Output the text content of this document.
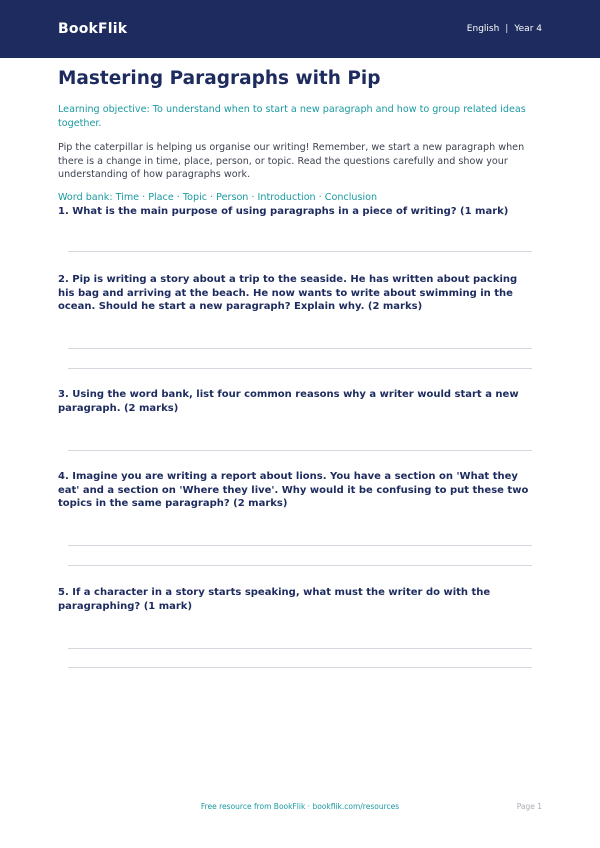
BookFlik	English | Year 4
Mastering Paragraphs with Pip

Learning objective: To understand when to start a new paragraph and how to group related ideas together.

Pip the caterpillar is helping us organise our writing! Remember, we start a new paragraph when there is a change in time, place, person, or topic. Read the questions carefully and show your understanding of how paragraphs work.

Word bank: Time · Place · Topic · Person · Introduction · Conclusion

1. What is the main purpose of using paragraphs in a piece of writing? (1 mark)

2. Pip is writing a story about a trip to the seaside. He has written about packing his bag and arriving at the beach. He now wants to write about swimming in the ocean. Should he start a new paragraph? Explain why. (2 marks)

3. Using the word bank, list four common reasons why a writer would start a new paragraph. (2 marks)

4. Imagine you are writing a report about lions. You have a section on 'What they eat' and a section on 'Where they live'. Why would it be confusing to put these two topics in the same paragraph? (2 marks)

5. If a character in a story starts speaking, what must the writer do with the paragraphing? (1 mark)

Free resource from BookFlik · bookflik.com/resources	Page 1
